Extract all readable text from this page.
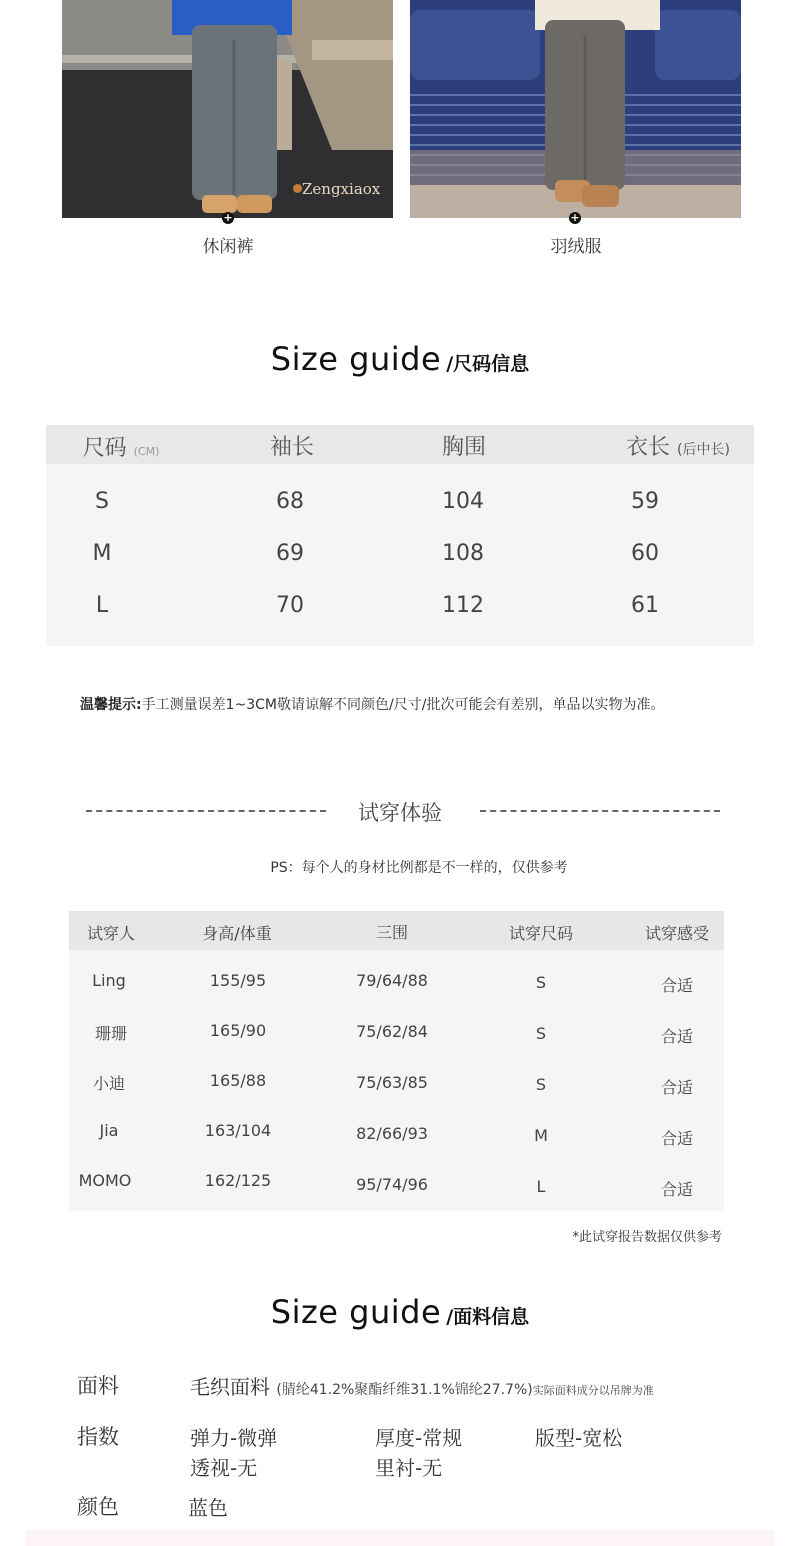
Zengxiaox
+	+
休闲裤	羽绒服
Size guide /尺码信息
尺码 (CM)	袖长	胸围	衣长 (后中长)
S	68	104	59
M	69	108	60
L	70	112	61
温馨提示:手工测量误差1~3CM敬请谅解不同颜色/尺寸/批次可能会有差别，单品以实物为准。
试穿体验
PS：每个人的身材比例都是不一样的，仅供参考
试穿人	身高/体重	三围	试穿尺码	试穿感受
Ling	155/95	79/64/88	S	合适
珊珊	165/90	75/62/84	S	合适
小迪	165/88	75/63/85	S	合适
Jia	163/104	82/66/93	M	合适
MOMO	162/125	95/74/96	L	合适
*此试穿报告数据仅供参考
Size guide /面料信息
面料	毛织面料 (腈纶41.2%聚酯纤维31.1%锦纶27.7%)实际面料成分以吊牌为准
指数	弹力-微弹	厚度-常规	版型-宽松
透视-无	里衬-无
颜色	蓝色
